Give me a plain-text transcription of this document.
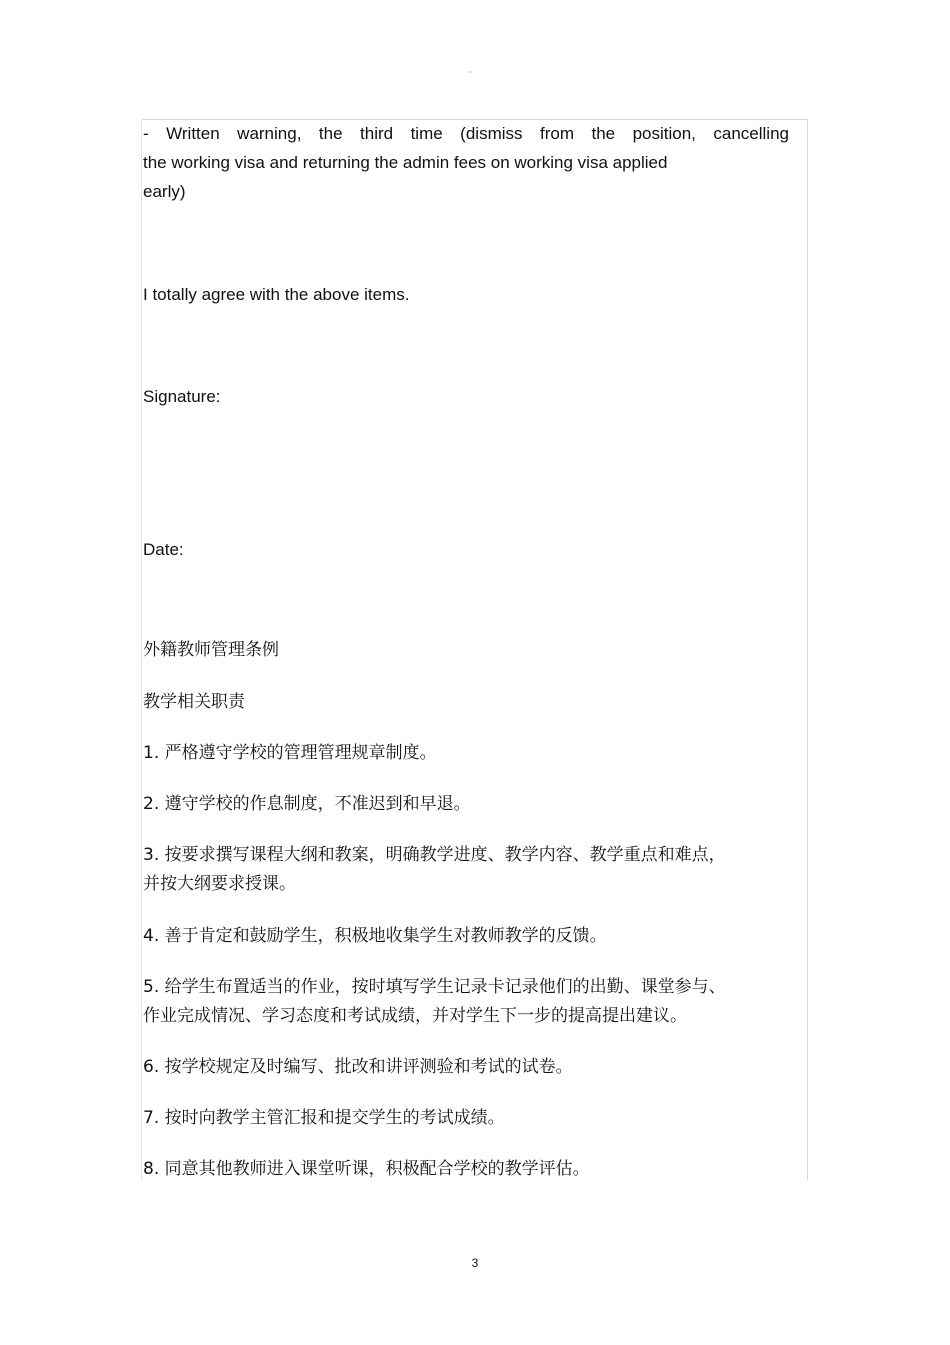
°

- Written warning, the third time (dismiss from the position, cancelling

the working visa and returning the admin fees on working visa applied

early)

I totally agree with the above items.

Signature:

Date:

外籍教师管理条例

教学相关职责

1. 严格遵守学校的管理管理规章制度。

2. 遵守学校的作息制度，不准迟到和早退。

3. 按要求撰写课程大纲和教案，明确教学进度、教学内容、教学重点和难点，

并按大纲要求授课。

4. 善于肯定和鼓励学生，积极地收集学生对教师教学的反馈。

5. 给学生布置适当的作业，按时填写学生记录卡记录他们的出勤、课堂参与、

作业完成情况、学习态度和考试成绩，并对学生下一步的提高提出建议。

6. 按学校规定及时编写、批改和讲评测验和考试的试卷。

7. 按时向教学主管汇报和提交学生的考试成绩。

8. 同意其他教师进入课堂听课，积极配合学校的教学评估。

3
